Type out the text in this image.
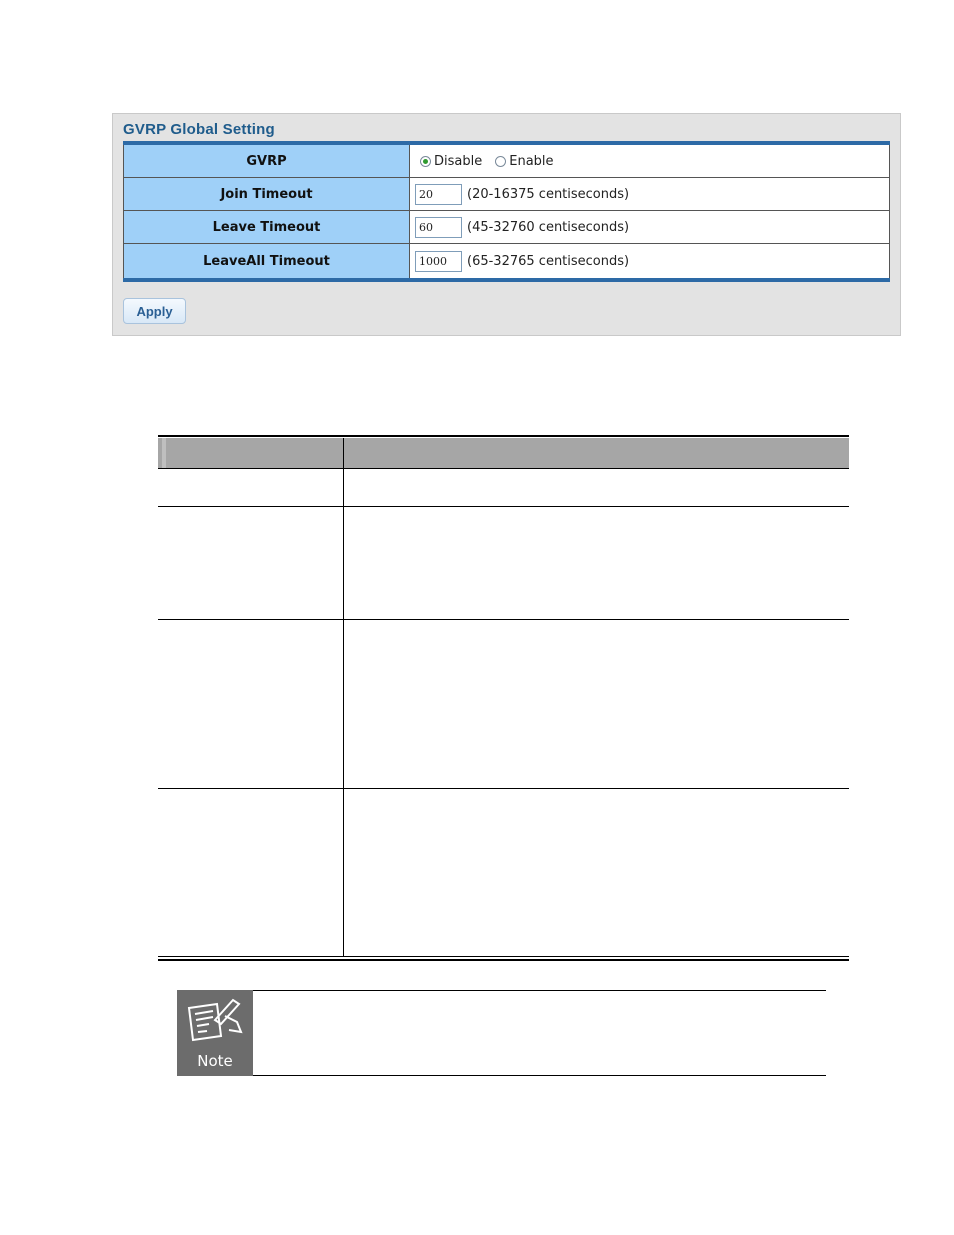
GVRP Global Setting
GVRP	Disable Enable
Join Timeout	20	(20-16375 centiseconds)
Leave Timeout	60	(45-32760 centiseconds)
LeaveAll Timeout	1000	(65-32765 centiseconds)
Apply
Note
